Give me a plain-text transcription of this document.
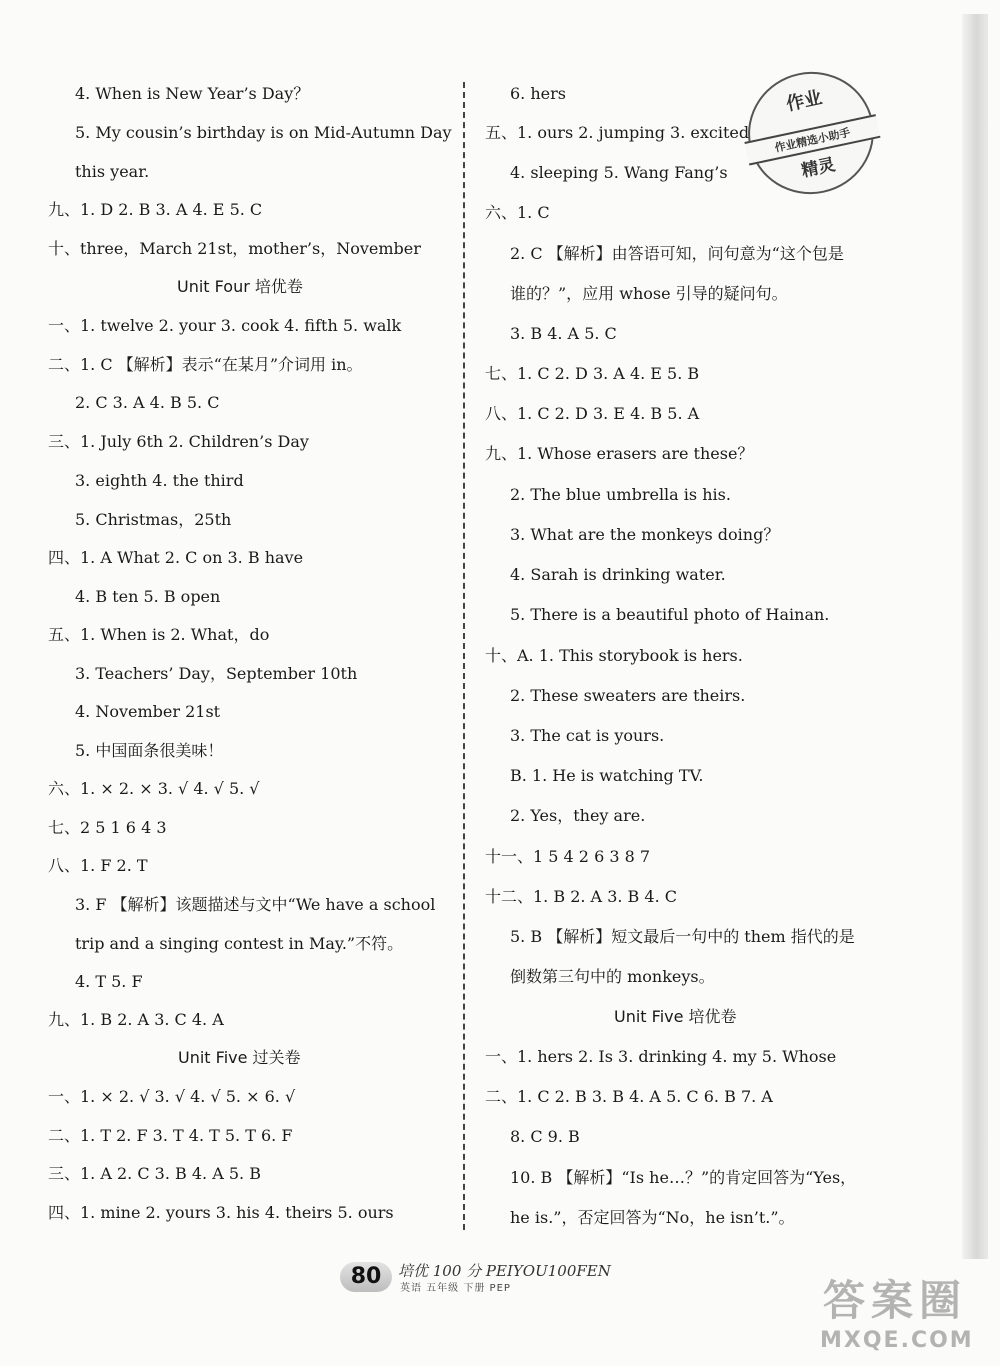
4. When is New Year’s Day？
5. My cousin’s birthday is on Mid-Autumn Day
this year.
九、1. D 2. B 3. A 4. E 5. C
十、three，March 21st，mother’s，November
Unit Four 培优卷
一、1. twelve 2. your 3. cook 4. fifth 5. walk
二、1. C 【解析】表示“在某月”介词用 in。
2. C 3. A 4. B 5. C
三、1. July 6th 2. Children’s Day
3. eighth 4. the third
5. Christmas，25th
四、1. A What 2. C on 3. B have
4. B ten 5. B open
五、1. When is 2. What，do
3. Teachers’ Day，September 10th
4. November 21st
5. 中国面条很美味！
六、1. × 2. × 3. √ 4. √ 5. √
七、2 5 1 6 4 3
八、1. F 2. T
3. F 【解析】该题描述与文中“We have a school
trip and a singing contest in May.”不符。
4. T 5. F
九、1. B 2. A 3. C 4. A
Unit Five 过关卷
一、1. × 2. √ 3. √ 4. √ 5. × 6. √
二、1. T 2. F 3. T 4. T 5. T 6. F
三、1. A 2. C 3. B 4. A 5. B
四、1. mine 2. yours 3. his 4. theirs 5. ours
6. hers
五、1. ours 2. jumping 3. excited
4. sleeping 5. Wang Fang’s
六、1. C
2. C 【解析】由答语可知，问句意为“这个包是
谁的？”，应用 whose 引导的疑问句。
3. B 4. A 5. C
七、1. C 2. D 3. A 4. E 5. B
八、1. C 2. D 3. E 4. B 5. A
九、1. Whose erasers are these？
2. The blue umbrella is his.
3. What are the monkeys doing？
4. Sarah is drinking water.
5. There is a beautiful photo of Hainan.
十、A. 1. This storybook is hers.
2. These sweaters are theirs.
3. The cat is yours.
B. 1. He is watching TV.
2. Yes，they are.
十一、1 5 4 2 6 3 8 7
十二、1. B 2. A 3. B 4. C
5. B 【解析】短文最后一句中的 them 指代的是
倒数第三句中的 monkeys。
Unit Five 培优卷
一、1. hers 2. Is 3. drinking 4. my 5. Whose
二、1. C 2. B 3. B 4. A 5. C 6. B 7. A
8. C 9. B
10. B 【解析】“Is he…？”的肯定回答为“Yes，
he is.”，否定回答为“No，he isn’t.”。
作业
作业精选小助手
精灵
80	培优 100 分 PEIYOU100FEN
英语 五年级 下册 PEP	答案圈
MXQE.COM
